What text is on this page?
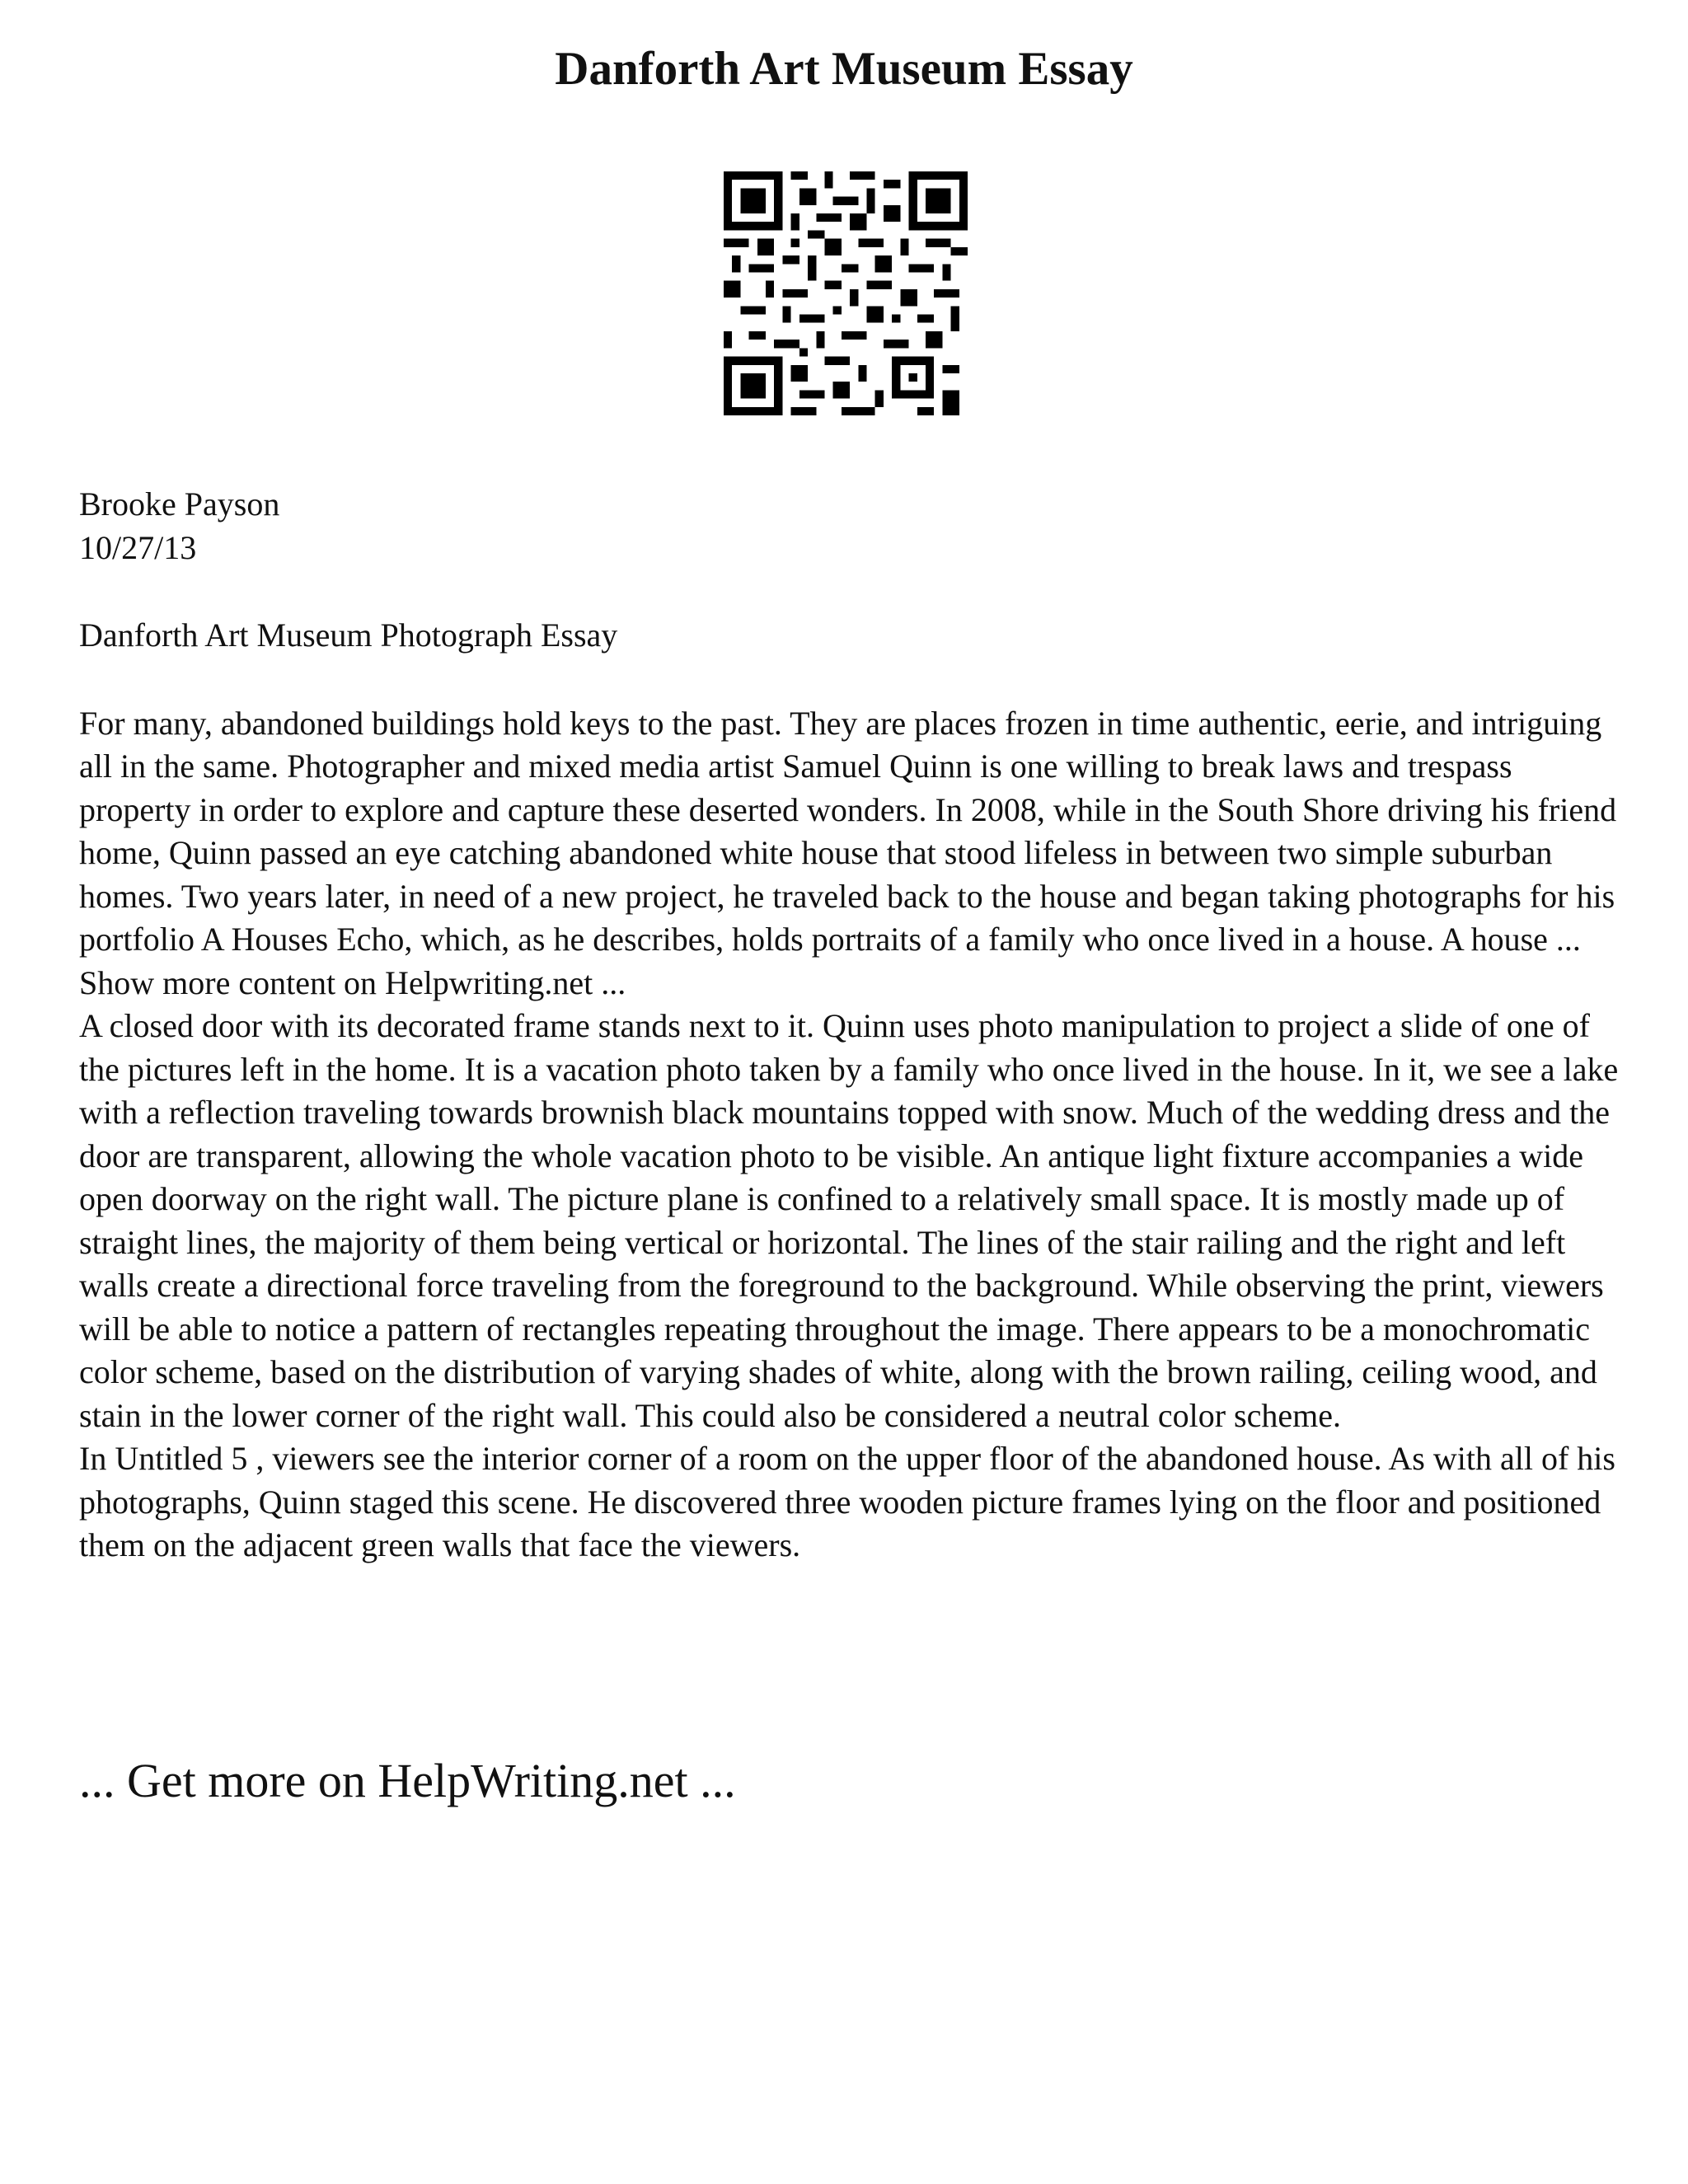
Danforth Art Museum Essay
Brooke Payson
10/27/13

Danforth Art Museum Photograph Essay

For many, abandoned buildings hold keys to the past. They are places frozen in time authentic, eerie, and intriguing all in the same. Photographer and mixed media artist Samuel Quinn is one willing to break laws and trespass property in order to explore and capture these deserted wonders. In 2008, while in the South Shore driving his friend home, Quinn passed an eye catching abandoned white house that stood lifeless in between two simple suburban homes. Two years later, in need of a new project, he traveled back to the house and began taking photographs for his portfolio A Houses Echo, which, as he describes, holds portraits of a family who once lived in a house. A house ... Show more content on Helpwriting.net ...

A closed door with its decorated frame stands next to it. Quinn uses photo manipulation to project a slide of one of the pictures left in the home. It is a vacation photo taken by a family who once lived in the house. In it, we see a lake with a reflection traveling towards brownish black mountains topped with snow. Much of the wedding dress and the door are transparent, allowing the whole vacation photo to be visible. An antique light fixture accompanies a wide open doorway on the right wall. The picture plane is confined to a relatively small space. It is mostly made up of straight lines, the majority of them being vertical or horizontal. The lines of the stair railing and the right and left walls create a directional force traveling from the foreground to the background. While observing the print, viewers will be able to notice a pattern of rectangles repeating throughout the image. There appears to be a monochromatic color scheme, based on the distribution of varying shades of white, along with the brown railing, ceiling wood, and stain in the lower corner of the right wall. This could also be considered a neutral color scheme.

In Untitled 5 , viewers see the interior corner of a room on the upper floor of the abandoned house. As with all of his photographs, Quinn staged this scene. He discovered three wooden picture frames lying on the floor and positioned them on the adjacent green walls that face the viewers.

... Get more on HelpWriting.net ...
